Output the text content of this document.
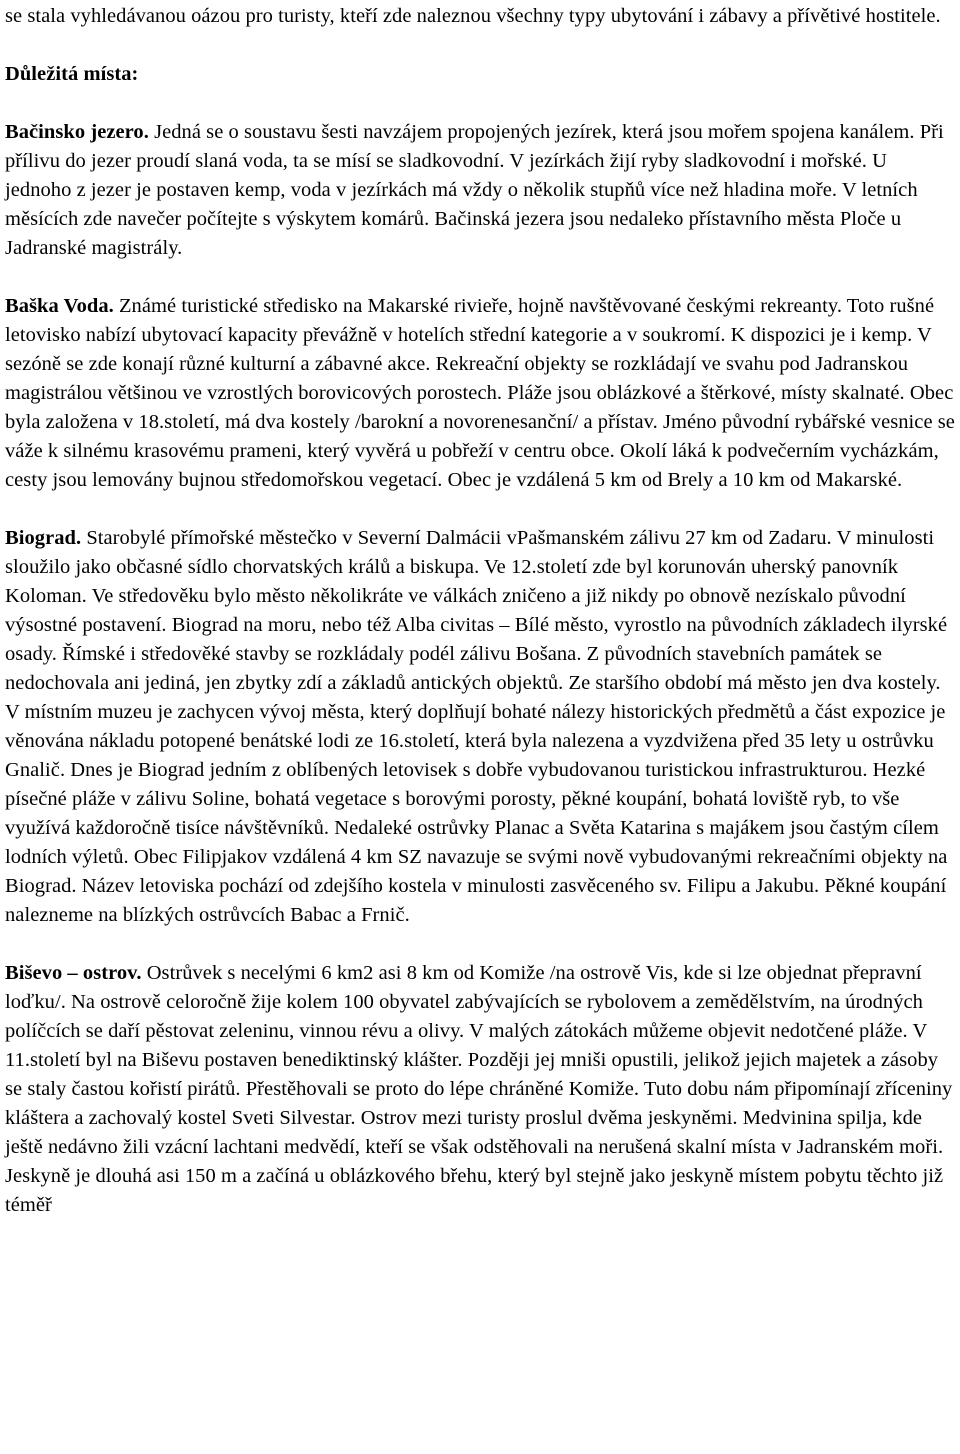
se stala vyhledávanou oázou pro turisty, kteří zde naleznou všechny typy ubytování i zábavy a přívětivé hostitele.

Důležitá místa:

Bačinsko jezero. Jedná se o soustavu šesti navzájem propojených jezírek, která jsou mořem spojena kanálem. Při přílivu do jezer proudí slaná voda, ta se mísí se sladkovodní. V jezírkách žijí ryby sladkovodní i mořské. U jednoho z jezer je postaven kemp, voda v jezírkách má vždy o několik stupňů více než hladina moře. V letních měsících zde navečer počítejte s výskytem komárů. Bačinská jezera jsou nedaleko přístavního města Ploče u Jadranské magistrály.

Baška Voda. Známé turistické středisko na Makarské rivieře, hojně navštěvované českými rekreanty. Toto rušné letovisko nabízí ubytovací kapacity převážně v hotelích střední kategorie a v soukromí. K dispozici je i kemp. V sezóně se zde konají různé kulturní a zábavné akce. Rekreační objekty se rozkládají ve svahu pod Jadranskou magistrálou většinou ve vzrostlých borovicových porostech. Pláže jsou oblázkové a štěrkové, místy skalnaté. Obec byla založena v 18.století, má dva kostely /barokní a novorenesanční/ a přístav. Jméno původní rybářské vesnice se váže k silnému krasovému prameni, který vyvěrá u pobřeží v centru obce. Okolí láká k podvečerním vycházkám, cesty jsou lemovány bujnou středomořskou vegetací. Obec je vzdálená 5 km od Brely a 10 km od Makarské.

Biograd. Starobylé přímořské městečko v Severní Dalmácii vPašmanském zálivu 27 km od Zadaru. V minulosti sloužilo jako občasné sídlo chorvatských králů a biskupa. Ve 12.století zde byl korunován uherský panovník Koloman. Ve středověku bylo město několikráte ve válkách zničeno a již nikdy po obnově nezískalo původní výsostné postavení. Biograd na moru, nebo též Alba civitas – Bílé město, vyrostlo na původních základech ilyrské osady. Římské i středověké stavby se rozkládaly podél zálivu Bošana. Z původních stavebních památek se nedochovala ani jediná, jen zbytky zdí a základů antických objektů. Ze staršího období má město jen dva kostely. V místním muzeu je zachycen vývoj města, který doplňují bohaté nálezy historických předmětů a část expozice je věnována nákladu potopené benátské lodi ze 16.století, která byla nalezena a vyzdvižena před 35 lety u ostrůvku Gnalič. Dnes je Biograd jedním z oblíbených letovisek s dobře vybudovanou turistickou infrastrukturou. Hezké písečné pláže v zálivu Soline, bohatá vegetace s borovými porosty, pěkné koupání, bohatá loviště ryb, to vše využívá každoročně tisíce návštěvníků. Nedaleké ostrůvky Planac a Světa Katarina s majákem jsou častým cílem lodních výletů. Obec Filipjakov vzdálená 4 km SZ navazuje se svými nově vybudovanými rekreačními objekty na Biograd. Název letoviska pochází od zdejšího kostela v minulosti zasvěceného sv. Filipu a Jakubu. Pěkné koupání nalezneme na blízkých ostrůvcích Babac a Frnič.

Biševo – ostrov. Ostrůvek s necelými 6 km2 asi 8 km od Komiže /na ostrově Vis, kde si lze objednat přepravní loďku/. Na ostrově celoročně žije kolem 100 obyvatel zabývajících se rybolovem a zemědělstvím, na úrodných políčcích se daří pěstovat zeleninu, vinnou révu a olivy. V malých zátokách můžeme objevit nedotčené pláže. V 11.století byl na Biševu postaven benediktinský klášter. Později jej mniši opustili, jelikož jejich majetek a zásoby se staly častou kořistí pirátů. Přestěhovali se proto do lépe chráněné Komiže. Tuto dobu nám připomínají zříceniny kláštera a zachovalý kostel Sveti Silvestar. Ostrov mezi turisty proslul dvěma jeskyněmi. Medvinina spilja, kde ještě nedávno žili vzácní lachtani medvědí, kteří se však odstěhovali na nerušená skalní místa v Jadranském moři. Jeskyně je dlouhá asi 150 m a začíná u oblázkového břehu, který byl stejně jako jeskyně místem pobytu těchto již téměř
